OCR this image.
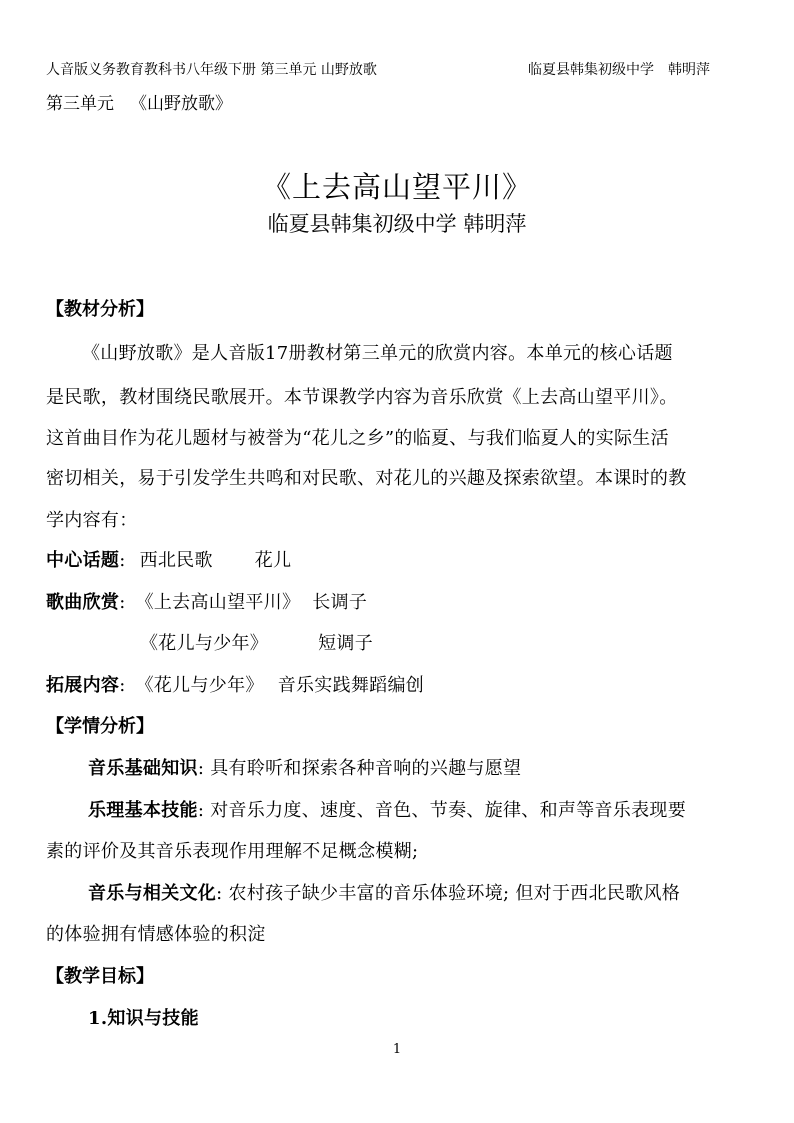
人音版义务教育教科书八年级下册 第三单元 山野放歌	临夏县韩集初级中学　韩明萍
第三单元 《山野放歌》
《上去高山望平川》
临夏县韩集初级中学 韩明萍
【教材分析】
《山野放歌》是人音版17册教材第三单元的欣赏内容。本单元的核心话题
是民歌，教材围绕民歌展开。本节课教学内容为音乐欣赏《上去高山望平川》。
这首曲目作为花儿题材与被誉为“花儿之乡”的临夏、与我们临夏人的实际生活
密切相关，易于引发学生共鸣和对民歌、对花儿的兴趣及探索欲望。本课时的教
学内容有：
中心话题: 西北民歌 花儿
歌曲欣赏: 《上去高山望平川》 长调子
《花儿与少年》	短调子
拓展内容: 《花儿与少年》 音乐实践舞蹈编创
【学情分析】
音乐基础知识: 具有聆听和探索各种音响的兴趣与愿望
乐理基本技能: 对音乐力度、速度、音色、节奏、旋律、和声等音乐表现要
素的评价及其音乐表现作用理解不足概念模糊;
音乐与相关文化: 农村孩子缺少丰富的音乐体验环境; 但对于西北民歌风格
的体验拥有情感体验的积淀
【教学目标】
1.知识与技能
1
